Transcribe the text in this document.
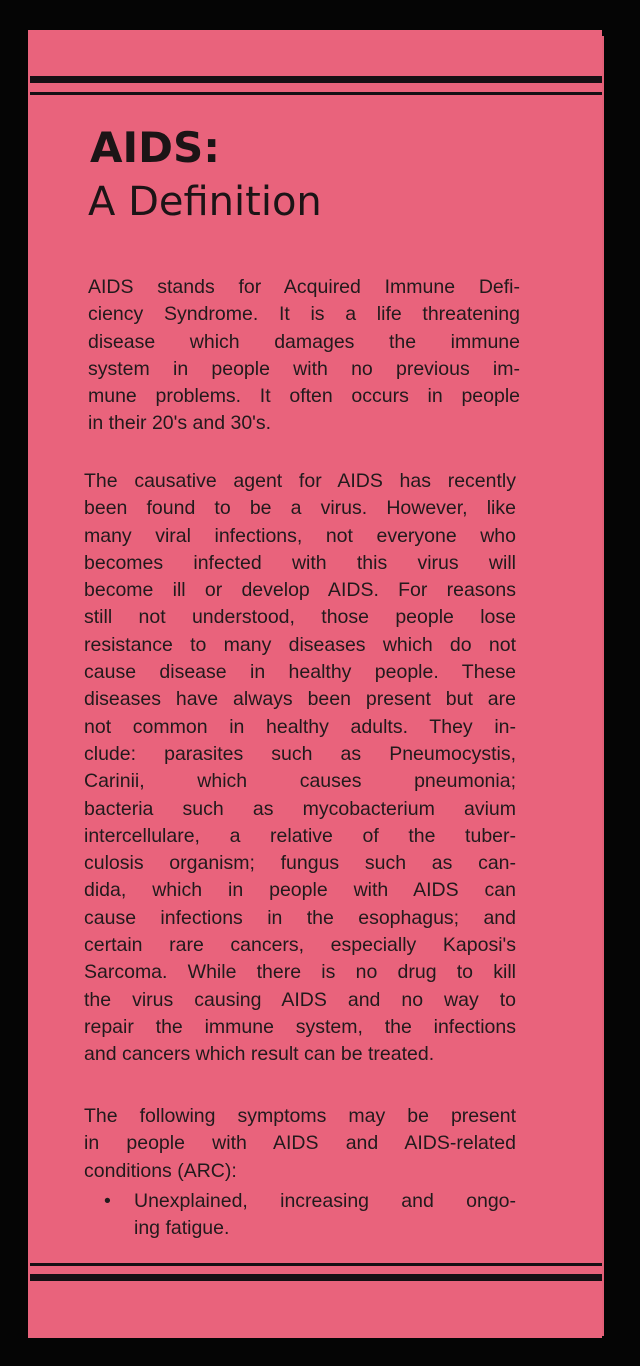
AIDS:
A Definition
AIDS stands for Acquired Immune Defi-
ciency Syndrome. It is a life threatening
disease which damages the immune
system in people with no previous im-
mune problems. It often occurs in people
in their 20's and 30's.
The causative agent for AIDS has recently
been found to be a virus. However, like
many viral infections, not everyone who
becomes infected with this virus will
become ill or develop AIDS. For reasons
still not understood, those people lose
resistance to many diseases which do not
cause disease in healthy people. These
diseases have always been present but are
not common in healthy adults. They in-
clude: parasites such as Pneumocystis,
Carinii, which causes pneumonia;
bacteria such as mycobacterium avium
intercellulare, a relative of the tuber-
culosis organism; fungus such as can-
dida, which in people with AIDS can
cause infections in the esophagus; and
certain rare cancers, especially Kaposi's
Sarcoma. While there is no drug to kill
the virus causing AIDS and no way to
repair the immune system, the infections
and cancers which result can be treated.
The following symptoms may be present
in people with AIDS and AIDS-related
conditions (ARC):
• Unexplained, increasing and ongo-
ing fatigue.
